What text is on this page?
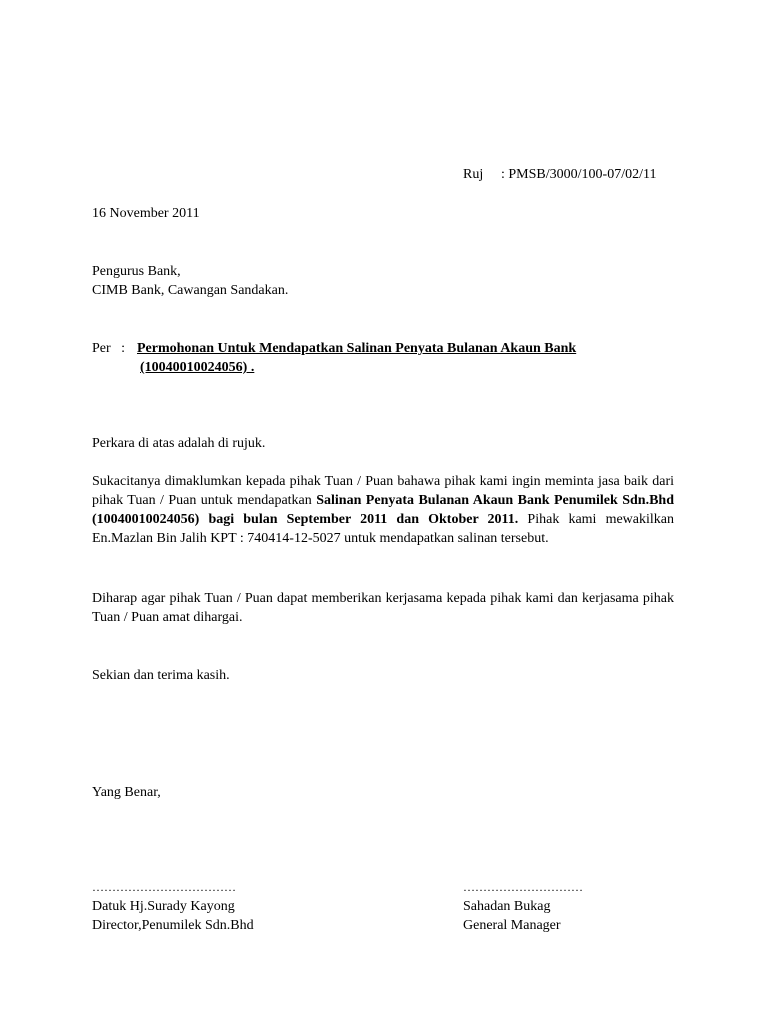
Ruj : PMSB/3000/100-07/02/11
16 November 2011
Pengurus Bank,
CIMB Bank, Cawangan Sandakan.
Per : Permohonan Untuk Mendapatkan Salinan Penyata Bulanan Akaun Bank
(10040010024056) .
Perkara di atas adalah di rujuk.
Sukacitanya dimaklumkan kepada pihak Tuan / Puan bahawa pihak kami ingin meminta jasa baik dari pihak Tuan / Puan untuk mendapatkan Salinan Penyata Bulanan Akaun Bank Penumilek Sdn.Bhd (10040010024056) bagi bulan September 2011 dan Oktober 2011. Pihak kami mewakilkan En.Mazlan Bin Jalih KPT : 740414-12-5027 untuk mendapatkan salinan tersebut.
Diharap agar pihak Tuan / Puan dapat memberikan kerjasama kepada pihak kami dan kerjasama pihak Tuan / Puan amat dihargai.
Sekian dan terima kasih.
Yang Benar,
………………………………
Datuk Hj.Surady Kayong
Director,Penumilek Sdn.Bhd
…………………………
Sahadan Bukag
General Manager
